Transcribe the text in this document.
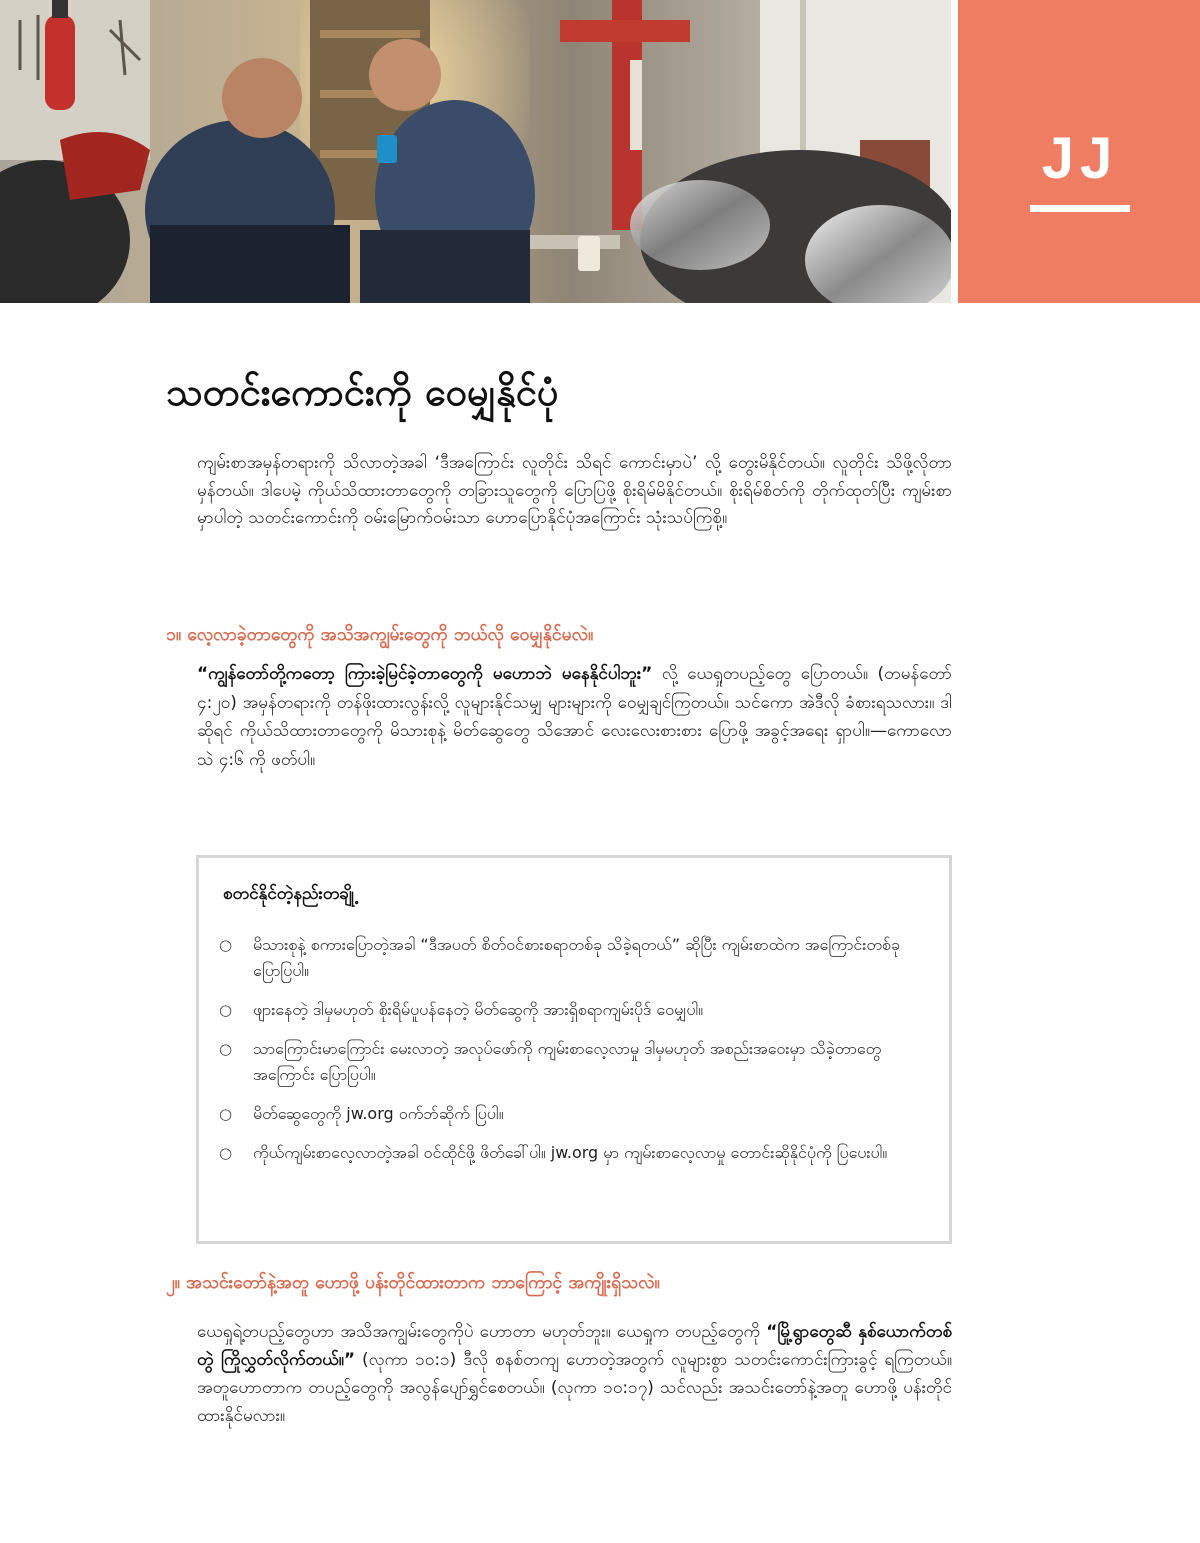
JJ
သတင်းကောင်းကို ဝေမျှနိုင်ပုံ

ကျမ်းစာအမှန်တရားကို သိလာတဲ့အခါ ‘ဒီအကြောင်း လူတိုင်း သိရင် ကောင်းမှာပဲ’ လို့ တွေးမိနိုင်တယ်။ လူတိုင်း သိဖို့လိုတာ မှန်တယ်။ ဒါပေမဲ့ ကိုယ်သိထားတာတွေကို တခြားသူတွေကို ပြောပြဖို့ စိုးရိမ်မိနိုင်တယ်။ စိုးရိမ်စိတ်ကို တိုက်ထုတ်ပြီး ကျမ်းစာမှာပါတဲ့ သတင်းကောင်းကို ဝမ်းမြောက်ဝမ်းသာ ဟောပြောနိုင်ပုံအကြောင်း သုံးသပ်ကြစို့။

၁။ လေ့လာခဲ့တာတွေကို အသိအကျွမ်းတွေကို ဘယ်လို ဝေမျှနိုင်မလဲ။

“ကျွန်တော်တို့ကတော့ ကြားခဲ့မြင်ခဲ့တာတွေကို မဟောဘဲ မနေနိုင်ပါဘူး” လို့ ယေရှုတပည့်တွေ ပြောတယ်။ (တမန်တော် ၄:၂၀) အမှန်တရားကို တန်ဖိုးထားလွန်းလို့ လူများနိုင်သမျှ များများကို ဝေမျှချင်ကြတယ်။ သင်ကော အဲဒီလို ခံစားရသလား။ ဒါဆိုရင် ကိုယ်သိထားတာတွေကို မိသားစုနဲ့ မိတ်ဆွေတွေ သိအောင် လေးလေးစားစား ပြောဖို့ အခွင့်အရေး ရှာပါ။—ကောလောသဲ ၄:၆ ကို ဖတ်ပါ။

စတင်နိုင်တဲ့နည်းတချို့
○ မိသားစုနဲ့ စကားပြောတဲ့အခါ “ဒီအပတ် စိတ်ဝင်စားစရာတစ်ခု သိခဲ့ရတယ်” ဆိုပြီး ကျမ်းစာထဲက အကြောင်းတစ်ခု ပြောပြပါ။
○ ဖျားနေတဲ့ ဒါမှမဟုတ် စိုးရိမ်ပူပန်နေတဲ့ မိတ်ဆွေကို အားရှိစရာကျမ်းပိုဒ် ဝေမျှပါ။
○ သာကြောင်းမာကြောင်း မေးလာတဲ့ အလုပ်ဖော်ကို ကျမ်းစာလေ့လာမှု ဒါမှမဟုတ် အစည်းအဝေးမှာ သိခဲ့တာတွေအကြောင်း ပြောပြပါ။
○ မိတ်ဆွေတွေကို jw.org ဝက်ဘ်ဆိုက် ပြပါ။
○ ကိုယ်ကျမ်းစာလေ့လာတဲ့အခါ ဝင်ထိုင်ဖို့ ဖိတ်ခေါ်ပါ။ jw.org မှာ ကျမ်းစာလေ့လာမှု တောင်းဆိုနိုင်ပုံကို ပြပေးပါ။
၂။ အသင်းတော်နဲ့အတူ ဟောဖို့ ပန်းတိုင်ထားတာက ဘာကြောင့် အကျိုးရှိသလဲ။

ယေရှုရဲ့တပည့်တွေဟာ အသိအကျွမ်းတွေကိုပဲ ဟောတာ မဟုတ်ဘူး။ ယေရှုက တပည့်တွေကို “မြို့ရွာတွေဆီ နှစ်ယောက်တစ်တွဲ ကြိုလွှတ်လိုက်တယ်။” (လုကာ ၁၀:၁) ဒီလို စနစ်တကျ ဟောတဲ့အတွက် လူများစွာ သတင်းကောင်းကြားခွင့် ရကြတယ်။ အတူဟောတာက တပည့်တွေကို အလွန်ပျော်ရွှင်စေတယ်။ (လုကာ ၁၀:၁၇) သင်လည်း အသင်းတော်နဲ့အတူ ဟောဖို့ ပန်းတိုင်ထားနိုင်မလား။
